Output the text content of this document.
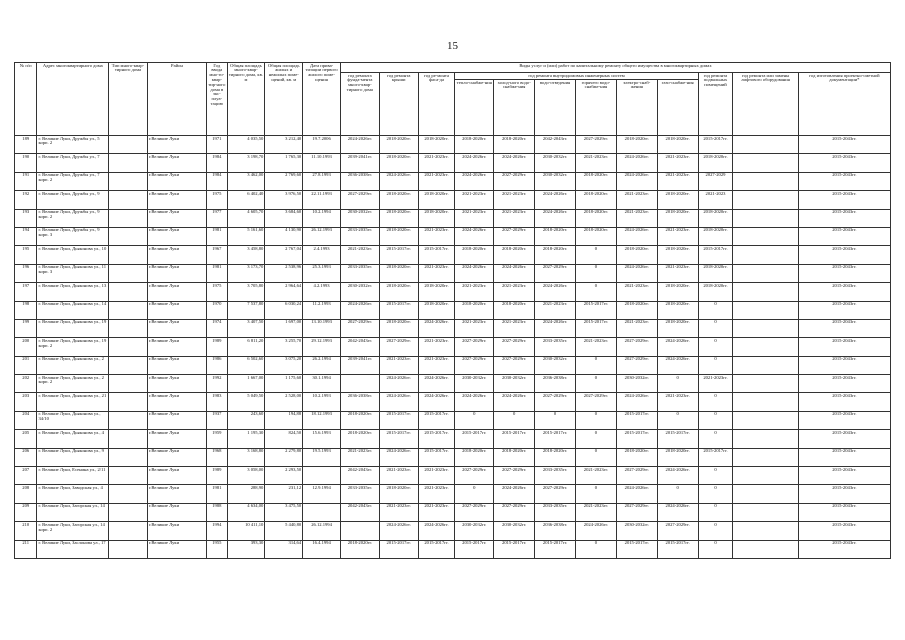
15
№ п/п	Адрес многоквартирного дома	Тип много-квар-тирного дома	Район	Год ввода мно-го-квар-тир-ного дома в экс-плуа-тацию	Общая площадь много-квар-тирного дома, кв. м	Общая площадь жилых и нежилых поме-щений, кв. м	Дата прива-тизации первого жилого поме-щения	Виды услуг и (или) работ по капитальному ремонту общего имущества в многоквартирных домах											
								год ремонта фунда-мента много-квар-тирного дома	год ремонта крыши	год ре-монта фаса-да	год ремонта внутридомовых инженерных систем						год ремонта подвальных помещений	год ремонта или замены лифтового оборудования	год изготовления проектно-сметной документации*
											тепло-снабже-ния	холод-ного водо-снабже-ния	водо-отведения	горячего водо-снабже-ния	электро-снаб-жения	газо-снабже-ния			
189	г. Великие Луки, Дружбы ул., 5 корп. 2		г.Великие Луки	1971	4 035,50	3 212,40	19.7.2006	2024-2026гг.	2018-2020гг.	2018-2020гг.	2018-2020гг.	2018-2020гг.	2042-2043гг.	2027-2029гг.	2018-2020гг.	2018-2020гг.	2015-2017гг.		2015-2043гг.
190	г. Великие Луки, Дружбы ул., 7		г.Великие Луки	1984	3 198,70	1 765,30	11.10.1993	2039-2041гг.	2018-2020гг.	2021-2023гг.	2024-2026гг.	2024-2026гг.	2030-2032гг.	2021-2023гг.	2024-2026гг.	2021-2023гг.	2018-2020гг.		2015-2043гг.
191	г. Великие Луки, Дружбы ул., 7 корп. 2		г.Великие Луки	1984	3 462,00	2 769,60	27.8.1993	2036-2038гг.	2024-2026гг.	2021-2023гг.	2024-2026гг.	2027-2029гг.	2030-2032гг.	2018-2020гг.	2024-2026гг.	2021-2023гг.	2027-2029		2015-2043гг.
192	г. Великие Луки, Дружбы ул., 9		г.Великие Луки	1975	6 402,40	3 976,50	22.11.1993	2027-2029гг.	2018-2020гг.	2018-2020гг.	2021-2023гг.	2021-2023гг.	2024-2026гг.	2018-2020гг.	2021-2023гг.	2018-2020гг.	2021-2023		2015-2043гг.
193	г. Великие Луки, Дружбы ул., 9 корп. 2		г.Великие Луки	1977	4 605,70	3 684,60	10.2.1994	2030-2032гг.	2018-2020гг.	2018-2020гг.	2021-2023гг.	2021-2023гг.	2024-2026гг.	2018-2020гг.	2021-2023гг.	2018-2020гг.	2018-2020гг.		2015-2043гг.
194	г. Великие Луки, Дружбы ул., 9 корп. 3		г.Великие Луки	1981	5 161,60	4 130,90	26.12.1993	2033-2035гг.	2018-2020гг.	2021-2023гг.	2024-2026гг.	2027-2029гг.	2018-2020гг.	2018-2020гг.	2024-2026гг.	2021-2023гг.	2018-2020гг.		2015-2043гг.
195	г. Великие Луки, Дьяконова ул., 10		г.Великие Луки	1967	3 458,80	2 767,04	2.4.1993	2021-2023гг.	2015-2017гг.	2015-2017гг.	2018-2020гг.	2018-2020гг.	2018-2020гг.	0	2018-2020гг.	2018-2020гг.	2015-2017гг.		2015-2043гг.
196	г. Великие Луки, Дьяконова ул., 11 корп. 3		г.Великие Луки	1981	3 173,70	2 538,96	25.3.1993	2033-2035гг.	2018-2020гг.	2021-2023гг.	2024-2026гг.	2024-2026гг.	2027-2029гг.	0	2024-2026гг.	2021-2023гг.	2018-2020гг.		2015-2043гг.
197	г. Великие Луки, Дьяконова ул., 13		г.Великие Луки	1975	3 705,80	2 964,64	4.2.1993	2030-2032гг.	2018-2020гг.	2018-2020гг.	2021-2023гг.	2021-2023гг.	2024-2026гг.	0	2021-2023гг.	2018-2020гг.	2018-2020гг.		2015-2043гг.
198	г. Великие Луки, Дьяконова ул., 14		г.Великие Луки	1970	7 537,80	6 030,24	11.2.1993	2024-2026гг.	2015-2017гг.	2018-2020гг.	2018-2020гг.	2018-2020гг.	2021-2023гг.	2015-2017гг.	2018-2020гг.	2018-2020гг.	0		2015-2043гг.
199	г. Великие Луки, Дьяконова ул., 19		г.Великие Луки	1974	3 407,50	1 697,00	13.10.1993	2027-2029гг.	2018-2020гг.	2024-2026гг.	2021-2023гг.	2021-2023гг.	2024-2026гг.	2015-2017гг.	2021-2023гг.	2018-2020гг.	0		2015-2043гг.
200	г. Великие Луки, Дьяконова ул., 19 корп. 2		г.Великие Луки	1989	6 811,20	3 255,70	29.12.1993	2042-2043гг.	2027-2029гг.	2021-2023гг.	2027-2029гг.	2027-2029гг.	2033-2035гг.	2021-2023гг.	2027-2029гг.	2024-2026гг.	0		2015-2043гг.
201	г. Великие Луки, Дьяконова ул., 2		г.Великие Луки	1986	6 502,60	3 075,20	26.2.1994	2039-2041гг.	2021-2023гг.	2021-2023гг.	2027-2029гг.	2027-2029гг.	2030-2032гг.	0	2027-2029гг.	2024-2026гг.	0		2015-2043гг.
202	г. Великие Луки, Дьяконова ул., 2 корп. 2		г.Великие Луки	1992	1 667,00	1 175,60	30.1.1994		2024-2026гг.	2024-2026гг.	2030-2032гг.	2030-2032гг.	2036-2038гг.	0	2030-2032гг.	0	2021-2023гг.		2015-2043гг.
203	г. Великие Луки, Дьяконова ул., 21		г.Великие Луки	1983	5 049,50	2 528,00	10.2.1993	2036-2038гг.	2024-2026гг.	2024-2026гг.	2024-2026гг.	2024-2026гг.	2027-2029гг.	2027-2029гг.	2024-2026гг.	2021-2023гг.	0		2015-2043гг.
204	г. Великие Луки, Дьяконова ул., 34/10		г.Великие Луки	1937	243,60	194,88	18.12.1993	2018-2020гг.	2015-2017гг.	2015-2017гг.	0	0	0	0	2015-2017гг.	0	0		2015-2043гг.
205	г. Великие Луки, Дьяконова ул., 4		г.Великие Луки	1959	1 195,30	824,50	15.6.1993	2018-2020гг.	2015-2017гг.	2015-2017гг.	2015-2017гг.	2015-2017гг.	2015-2017гг.	0	2015-2017гг.	2015-2017гг.	0		2015-2043гг.
206	г. Великие Луки, Дьяконова ул., 9		г.Великие Луки	1968	3 168,80	2 279,80	19.5.1993	2021-2023гг.	2024-2026гг.	2015-2017гг.	2018-2020гг.	2018-2020гг.	2018-2020гг.	0	2018-2020гг.	2018-2020гг.	2015-2017гг.		2015-2043гг.
207	г. Великие Луки, Есенина ул., 2/11		г.Великие Луки	1989	3 058,00	2 293,50		2042-2043гг.	2021-2023гг.	2021-2023гг.	2027-2029гг.	2027-2029гг.	2033-2035гг.	2021-2023гг.	2027-2029гг.	2024-2026гг.	0		2015-2043гг.
208	г. Великие Луки, Заводская ул., 4		г.Великие Луки	1981	288,90	231,12	12.9.1994	2033-2035гг.	2018-2020гг.	2021-2023гг.	0	2024-2026гг.	2027-2029гг.	0	2024-2026гг.	0	0		2015-2043гг.
209	г. Великие Луки, Загорская ул., 14		г.Великие Луки	1988	4 634,00	3 475,50		2042-2043гг.	2021-2023гг.	2021-2023гг.	2027-2029гг.	2027-2029гг.	2033-2035гг.	2021-2023гг.	2027-2029гг.	2024-2026гг.	0		2015-2043гг.
210	г. Великие Луки, Загорская ул., 14 корп. 2		г.Великие Луки	1994	10 411,10	5 440,80	26.12.1994		2024-2026гг.	2024-2026гг.	2030-2032гг.	2030-2032гг.	2036-2038гг.	2024-2026гг.	2030-2032гг.	2027-2029гг.	0		2015-2043гг.
211	г. Великие Луки, Заслонова ул., 17		г.Великие Луки	1955	393,30	314,64	16.4.1994	2018-2020гг.	2015-2017гг.	2015-2017гг.	2015-2017гг.	2015-2017гг.	2015-2017гг.	0	2015-2017гг.	2015-2017гг.	0		2015-2043гг.
